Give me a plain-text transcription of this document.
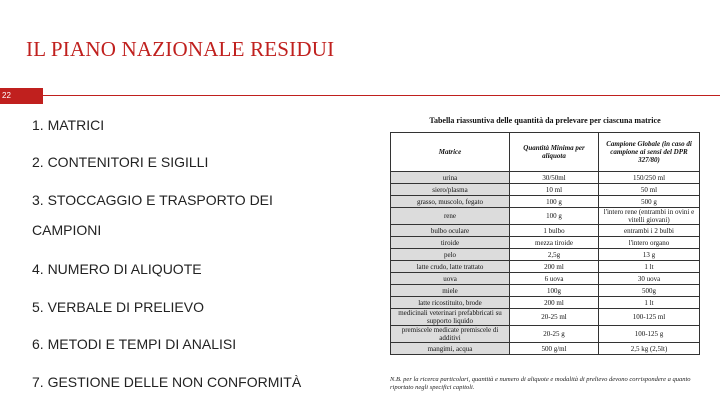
IL PIANO NAZIONALE RESIDUI
22
1. MATRICI
2. CONTENITORI E SIGILLI
3. STOCCAGGIO E TRASPORTO DEI
CAMPIONI
4. NUMERO DI ALIQUOTE
5. VERBALE DI PRELIEVO
6. METODI E TEMPI DI ANALISI
7. GESTIONE DELLE NON CONFORMITÀ
Tabella riassuntiva delle quantità da prelevare per ciascuna matrice
Matrice	Quantità Minima per aliquota	Campione Globale (in caso di campione ai sensi del DPR 327/80)
urina	30/50ml	150/250 ml
siero/plasma	10 ml	50 ml
grasso, muscolo, fegato	100 g	500 g
rene	100 g	l'intero rene (entrambi in ovini e vitelli giovani)
bulbo oculare	1 bulbo	entrambi i 2 bulbi
tiroide	mezza tiroide	l'intero organo
pelo	2,5g	13 g
latte crudo, latte trattato	200 ml	1 lt
uova	6 uova	30 uova
miele	100g	500g
latte ricostituito, brode	200 ml	1 lt
medicinali veterinari prefabbricati su supporto liquido	20-25 ml	100-125 ml
premiscele medicate premiscele di additivi	20-25 g	100-125 g
mangimi, acqua	500 g/ml	2,5 kg (2,5lt)
N.B. per la ricerca particolari, quantità e numero di aliquote e modalità di prelievo devono corrispondere a quanto riportato negli specifici capitoli.
